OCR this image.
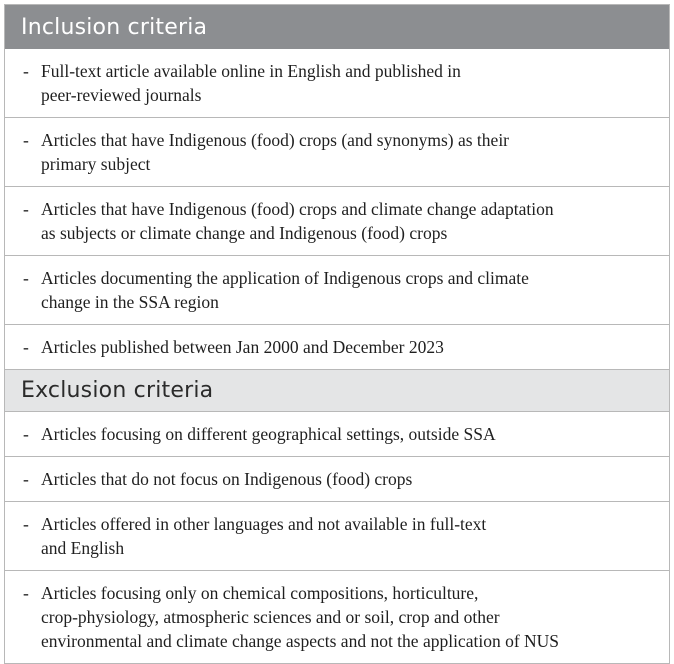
Inclusion criteria
- Full-text article available online in English and published in
peer-reviewed journals
- Articles that have Indigenous (food) crops (and synonyms) as their
primary subject
- Articles that have Indigenous (food) crops and climate change adaptation
as subjects or climate change and Indigenous (food) crops
- Articles documenting the application of Indigenous crops and climate
change in the SSA region
- Articles published between Jan 2000 and December 2023
Exclusion criteria
- Articles focusing on different geographical settings, outside SSA
- Articles that do not focus on Indigenous (food) crops
- Articles offered in other languages and not available in full-text
and English
- Articles focusing only on chemical compositions, horticulture,
crop-physiology, atmospheric sciences and or soil, crop and other
environmental and climate change aspects and not the application of NUS
